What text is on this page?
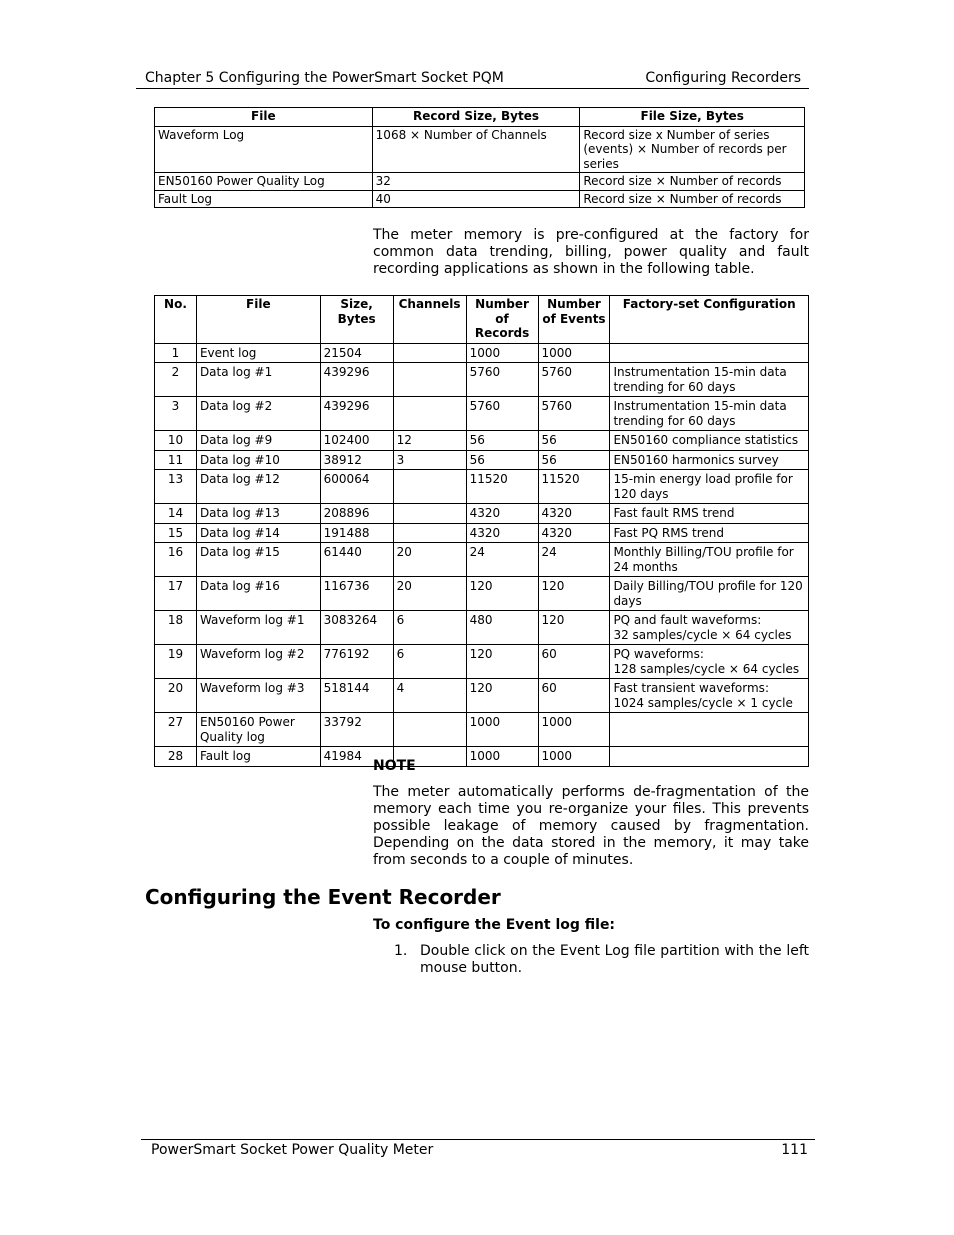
Chapter 5 Configuring the PowerSmart Socket PQM	Configuring Recorders
File	Record Size, Bytes	File Size, Bytes
Waveform Log	1068 × Number of Channels	Record size x Number of series (events) × Number of records per series
EN50160 Power Quality Log	32	Record size × Number of records
Fault Log	40	Record size × Number of records
The meter memory is pre-configured at the factory for common data trending, billing, power quality and fault recording applications as shown in the following table.
No.	File	Size, Bytes	Channels	Number of Records	Number of Events	Factory-set Configuration
1	Event log	21504		1000	1000	
2	Data log #1	439296		5760	5760	Instrumentation 15-min data trending for 60 days
3	Data log #2	439296		5760	5760	Instrumentation 15-min data trending for 60 days
10	Data log #9	102400	12	56	56	EN50160 compliance statistics
11	Data log #10	38912	3	56	56	EN50160 harmonics survey
13	Data log #12	600064		11520	11520	15-min energy load profile for 120 days
14	Data log #13	208896		4320	4320	Fast fault RMS trend
15	Data log #14	191488		4320	4320	Fast PQ RMS trend
16	Data log #15	61440	20	24	24	Monthly Billing/TOU profile for 24 months
17	Data log #16	116736	20	120	120	Daily Billing/TOU profile for 120 days
18	Waveform log #1	3083264	6	480	120	PQ and fault waveforms:
32 samples/cycle × 64 cycles
19	Waveform log #2	776192	6	120	60	PQ waveforms:
128 samples/cycle × 64 cycles
20	Waveform log #3	518144	4	120	60	Fast transient waveforms:
1024 samples/cycle × 1 cycle
27	EN50160 Power Quality log	33792		1000	1000	
28	Fault log	41984		1000	1000	
NOTE
The meter automatically performs de-fragmentation of the memory each time you re-organize your files. This prevents possible leakage of memory caused by fragmentation. Depending on the data stored in the memory, it may take from seconds to a couple of minutes.
Configuring the Event Recorder
To configure the Event log file:
1. Double click on the Event Log file partition with the left mouse button.
PowerSmart Socket Power Quality Meter	111
